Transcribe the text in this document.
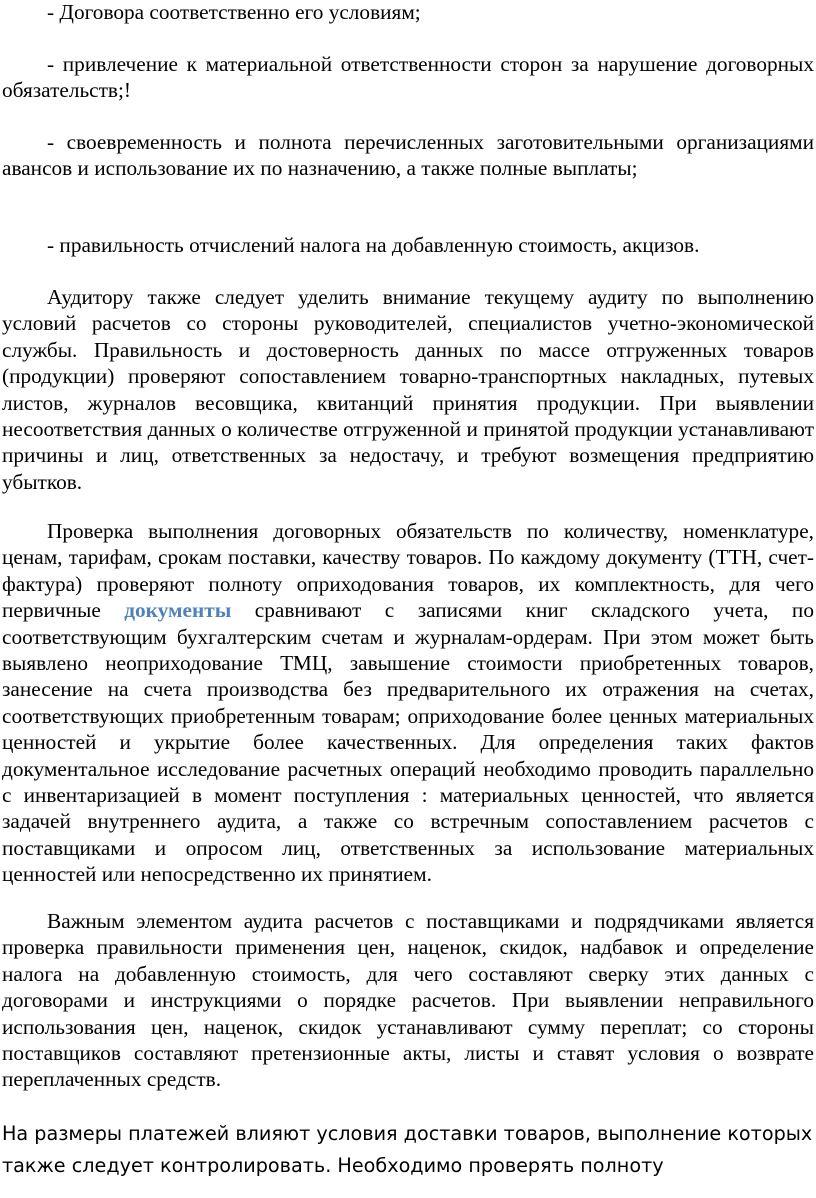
- Договора соответственно его условиям;

- привлечение к материальной ответственности сторон за нарушение договорных обязательств;!

- своевременность и полнота перечисленных заготовительными организациями авансов и использование их по назначению, а также полные выплаты;

- правильность отчислений налога на добавленную стоимость, акцизов.

Аудитору также следует уделить внимание текущему аудиту по выполнению условий расчетов со стороны руководителей, специалистов учетно-экономической службы. Правильность и достоверность данных по массе отгруженных товаров (продукции) проверяют сопоставлением товарно-транспортных накладных, путевых листов, журналов весовщика, квитанций принятия продукции. При выявлении несоответствия данных о количестве отгруженной и принятой продукции устанавливают причины и лиц, ответственных за недостачу, и требуют возмещения предприятию убытков.

Проверка выполнения договорных обязательств по количеству, номенклатуре, ценам, тарифам, срокам поставки, качеству товаров. По каждому документу (ТТН, счет-фактура) проверяют полноту оприходования товаров, их комплектность, для чего первичные документы сравнивают с записями книг складского учета, по соответствующим бухгалтерским счетам и журналам-ордерам. При этом может быть выявлено неоприходование ТМЦ, завышение стоимости приобретенных товаров, занесение на счета производства без предварительного их отражения на счетах, соответствующих приобретенным товарам; оприходование более ценных материальных ценностей и укрытие более качественных. Для определения таких фактов документальное исследование расчетных операций необходимо проводить параллельно с инвентаризацией в момент поступления : материальных ценностей, что является задачей внутреннего аудита, а также со встречным сопоставлением расчетов с поставщиками и опросом лиц, ответственных за использование материальных ценностей или непосредственно их принятием.

Важным элементом аудита расчетов с поставщиками и подрядчиками является проверка правильности применения цен, наценок, скидок, надбавок и определение налога на добавленную стоимость, для чего составляют сверку этих данных с договорами и инструкциями о порядке расчетов. При выявлении неправильного использования цен, наценок, скидок устанавливают сумму переплат; со стороны поставщиков составляют претензионные акты, листы и ставят условия о возврате переплаченных средств.

На размеры платежей влияют условия доставки товаров, выполнение которых также следует контролировать. Необходимо проверять полноту
